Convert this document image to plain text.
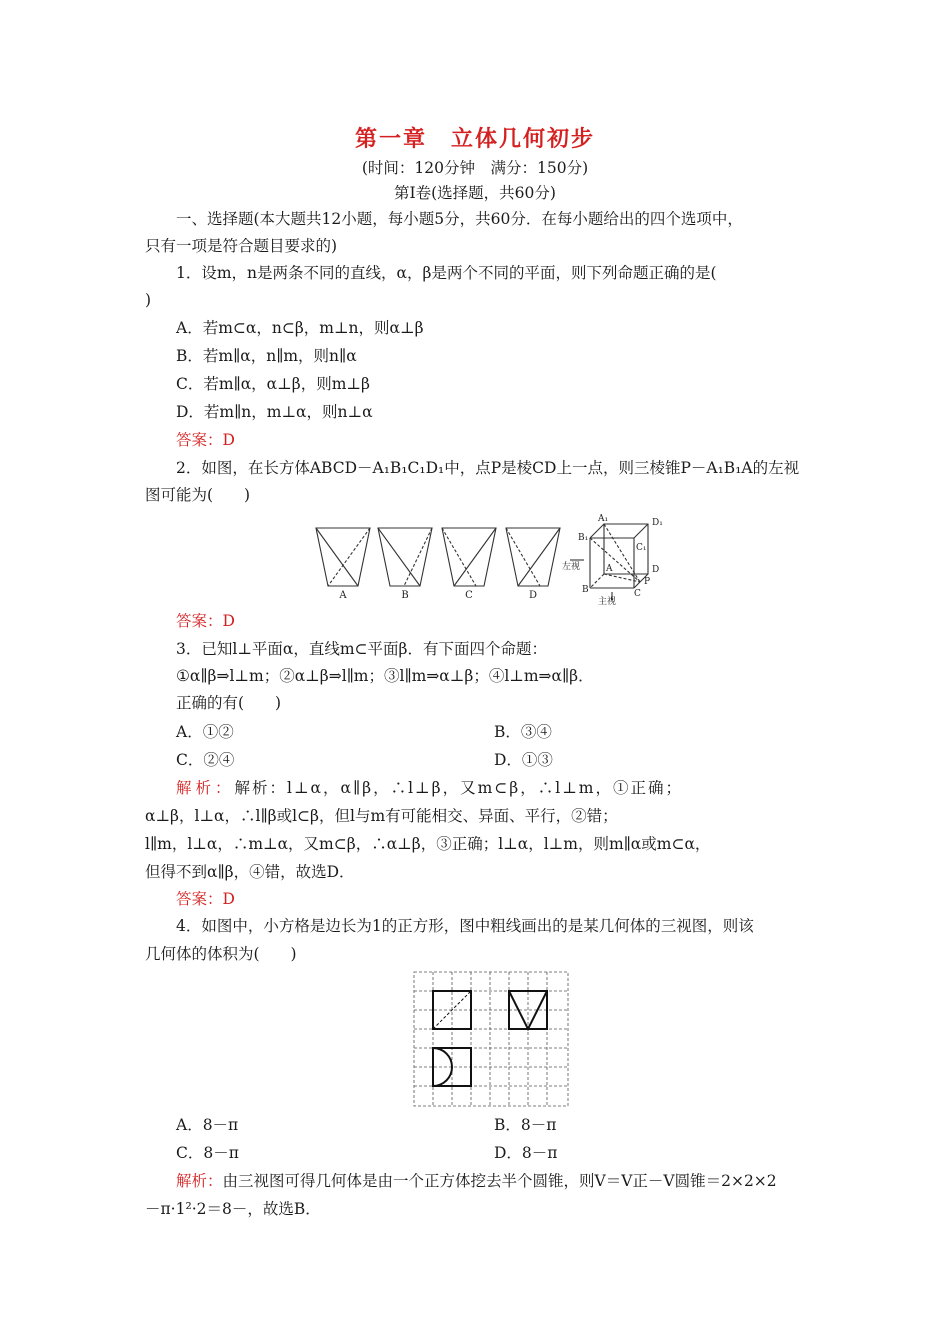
第一章　立体几何初步
(时间：120分钟　满分：150分)
第Ⅰ卷(选择题，共60分)
一、选择题(本大题共12小题，每小题5分，共60分．在每小题给出的四个选项中，
只有一项是符合题目要求的)
1．设m，n是两条不同的直线，α，β是两个不同的平面，则下列命题正确的是(
)
A．若m⊂α，n⊂β，m⊥n，则α⊥β
B．若m∥α，n∥m，则n∥α
C．若m∥α，α⊥β，则m⊥β
D．若m∥n，m⊥α，则n⊥α
答案：D
2．如图，在长方体ABCD－A₁B₁C₁D₁中，点P是棱CD上一点，则三棱锥P－A₁B₁A的左视
图可能为(　　)
A	B	C	D
A₁	D₁
B₁
C₁
左视	A	D
B
P
C
主视
答案：D
3．已知l⊥平面α，直线m⊂平面β．有下面四个命题：
①α∥β⇒l⊥m；②α⊥β⇒l∥m；③l∥m⇒α⊥β；④l⊥m⇒α∥β．
正确的有(　　)
A．①②	B．③④
C．②④	D．①③
解析：解析：l⊥α，α∥β，∴l⊥β，又m⊂β，∴l⊥m，①正确；
α⊥β，l⊥α，∴l∥β或l⊂β，但l与m有可能相交、异面、平行，②错；
l∥m，l⊥α，∴m⊥α，又m⊂β，∴α⊥β，③正确；l⊥α，l⊥m，则m∥α或m⊂α，
但得不到α∥β，④错，故选D．
答案：D
4．如图中，小方格是边长为1的正方形，图中粗线画出的是某几何体的三视图，则该
几何体的体积为(　　)
A．8－π	B．8－π
C．8－π	D．8－π
解析：由三视图可得几何体是由一个正方体挖去半个圆锥，则V＝V正－V圆锥＝2×2×2
－π·1²·2＝8－，故选B．
